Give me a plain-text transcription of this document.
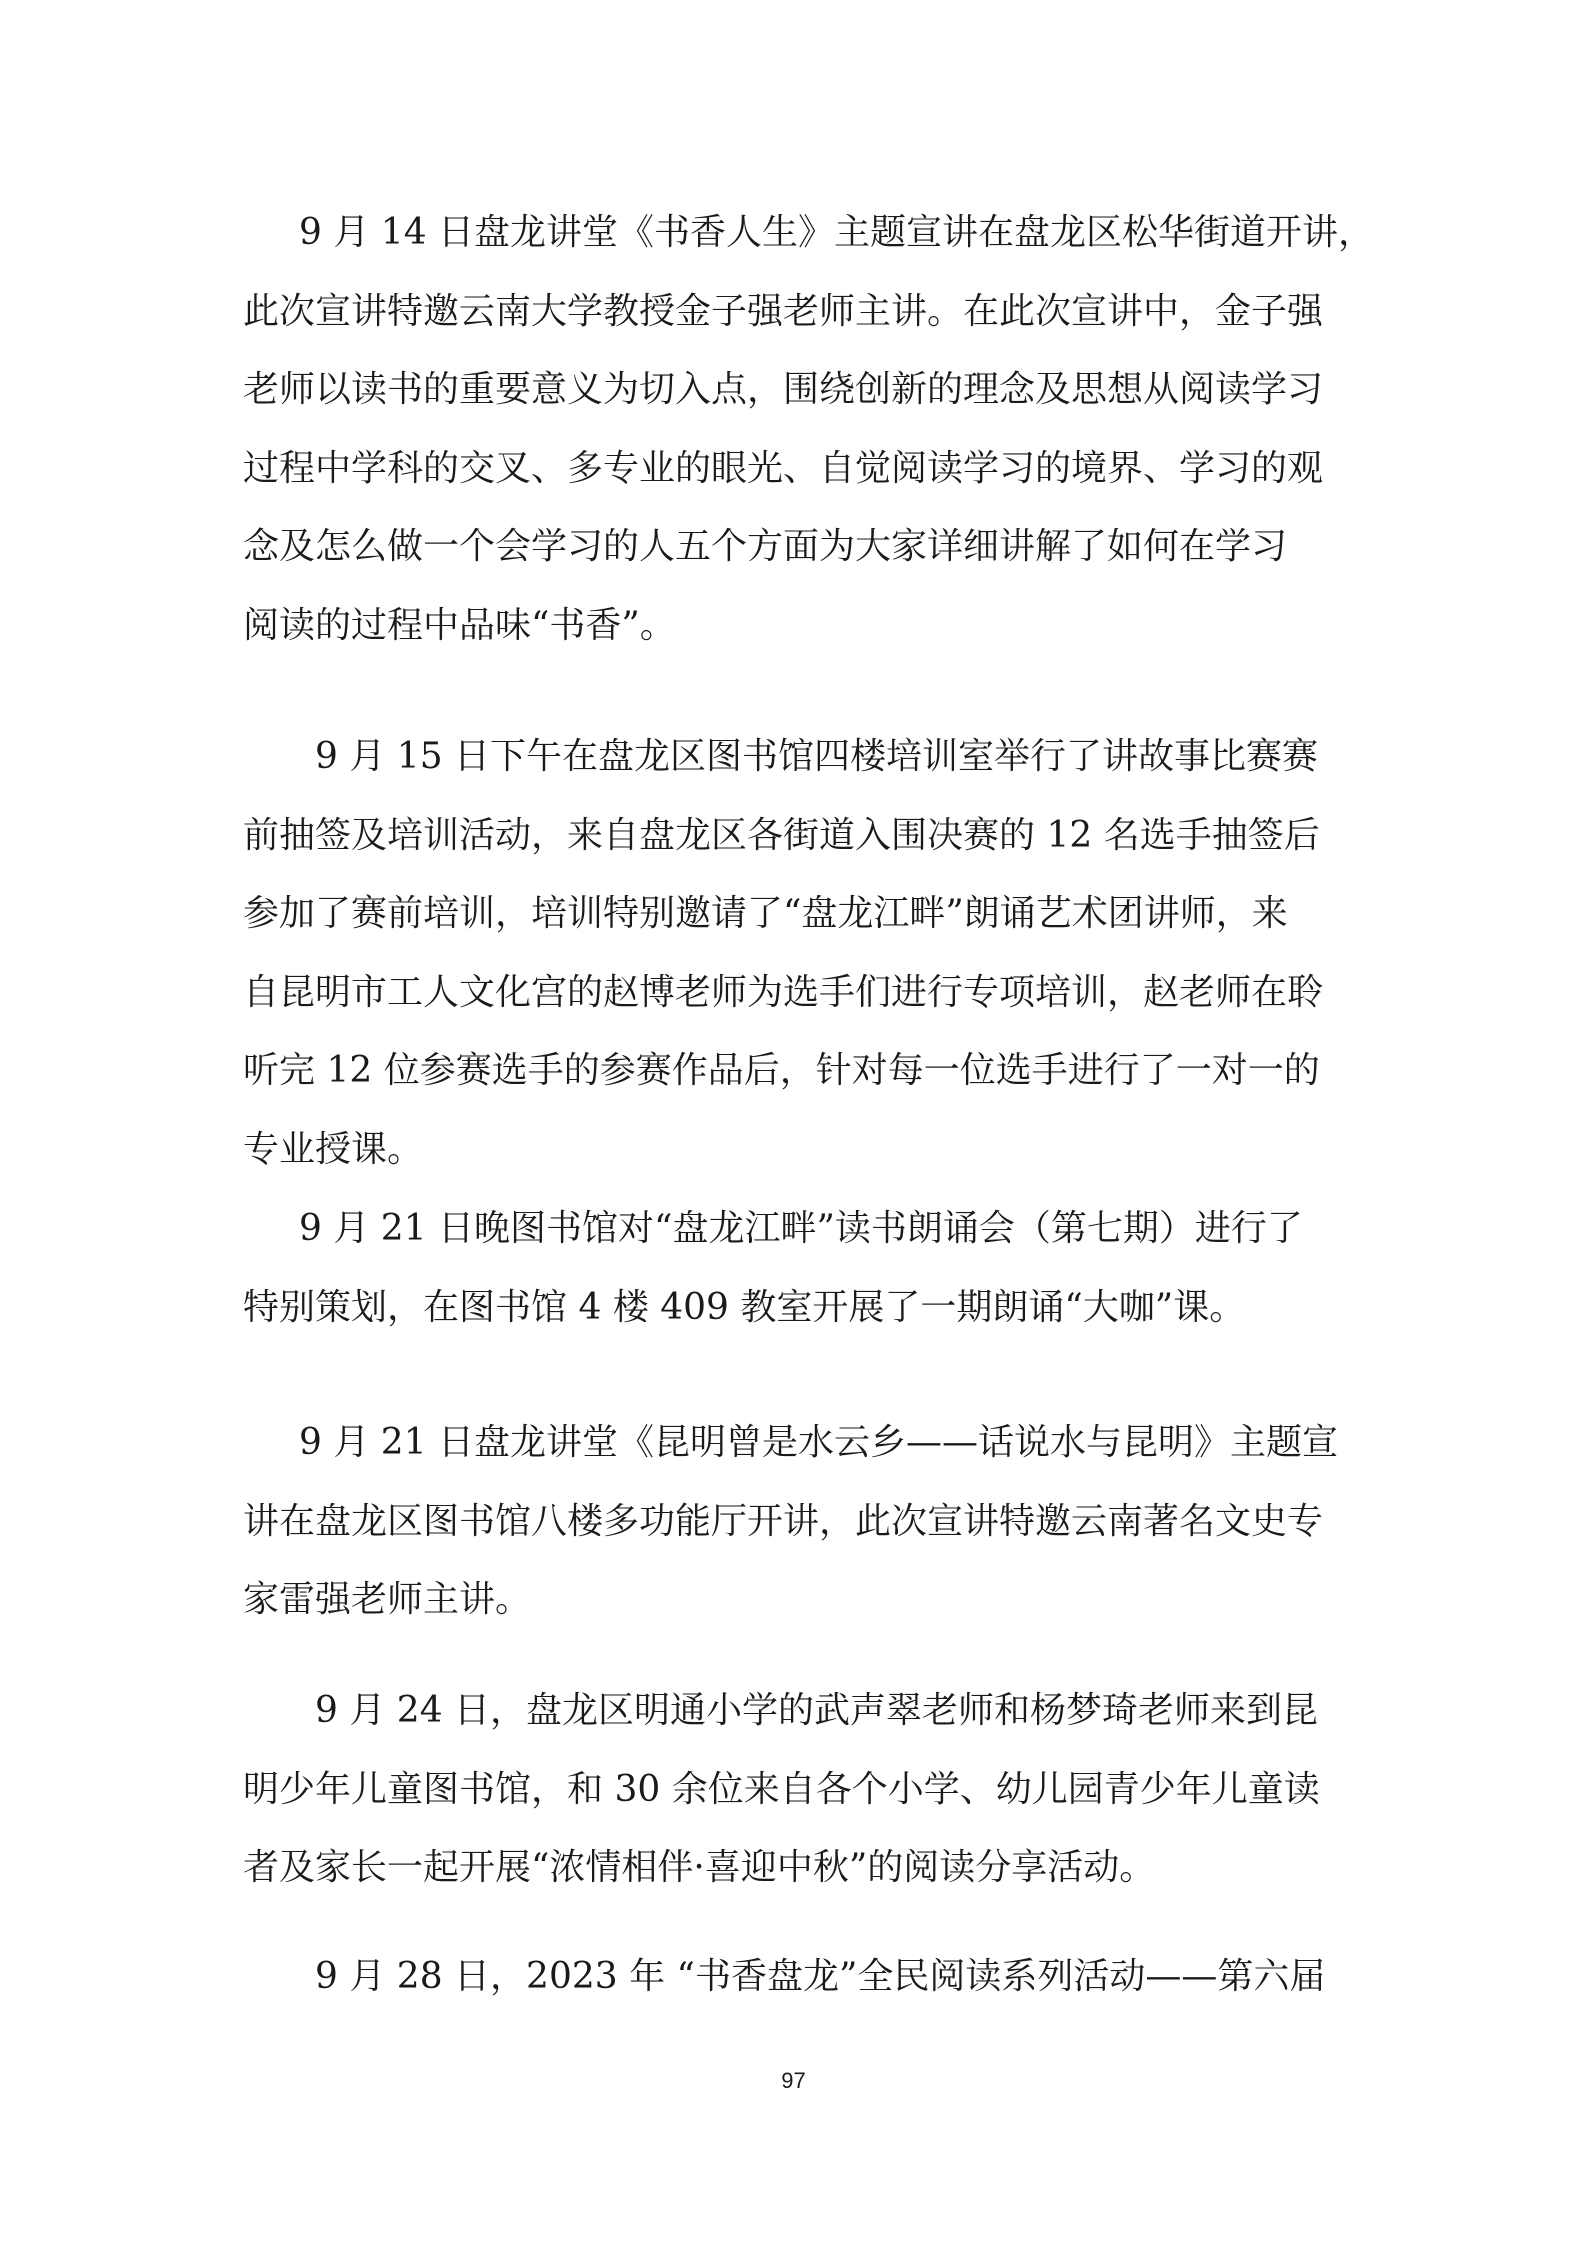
9 月 14 日盘龙讲堂《书香人生》主题宣讲在盘龙区松华街道开讲，
此次宣讲特邀云南大学教授金子强老师主讲。在此次宣讲中，金子强
老师以读书的重要意义为切入点，围绕创新的理念及思想从阅读学习
过程中学科的交叉、多专业的眼光、自觉阅读学习的境界、学习的观
念及怎么做一个会学习的人五个方面为大家详细讲解了如何在学习
阅读的过程中品味“书香”。
9 月 15 日下午在盘龙区图书馆四楼培训室举行了讲故事比赛赛
前抽签及培训活动，来自盘龙区各街道入围决赛的 12 名选手抽签后
参加了赛前培训，培训特别邀请了“盘龙江畔”朗诵艺术团讲师，来
自昆明市工人文化宫的赵博老师为选手们进行专项培训，赵老师在聆
听完 12 位参赛选手的参赛作品后，针对每一位选手进行了一对一的
专业授课。
9 月 21 日晚图书馆对“盘龙江畔”读书朗诵会（第七期）进行了
特别策划，在图书馆 4 楼 409 教室开展了一期朗诵“大咖”课。
9 月 21 日盘龙讲堂《昆明曾是水云乡——话说水与昆明》主题宣
讲在盘龙区图书馆八楼多功能厅开讲，此次宣讲特邀云南著名文史专
家雷强老师主讲。
9 月 24 日，盘龙区明通小学的武声翠老师和杨梦琦老师来到昆
明少年儿童图书馆，和 30 余位来自各个小学、幼儿园青少年儿童读
者及家长一起开展“浓情相伴·喜迎中秋”的阅读分享活动。
9 月 28 日，2023 年 “书香盘龙”全民阅读系列活动——第六届
97
